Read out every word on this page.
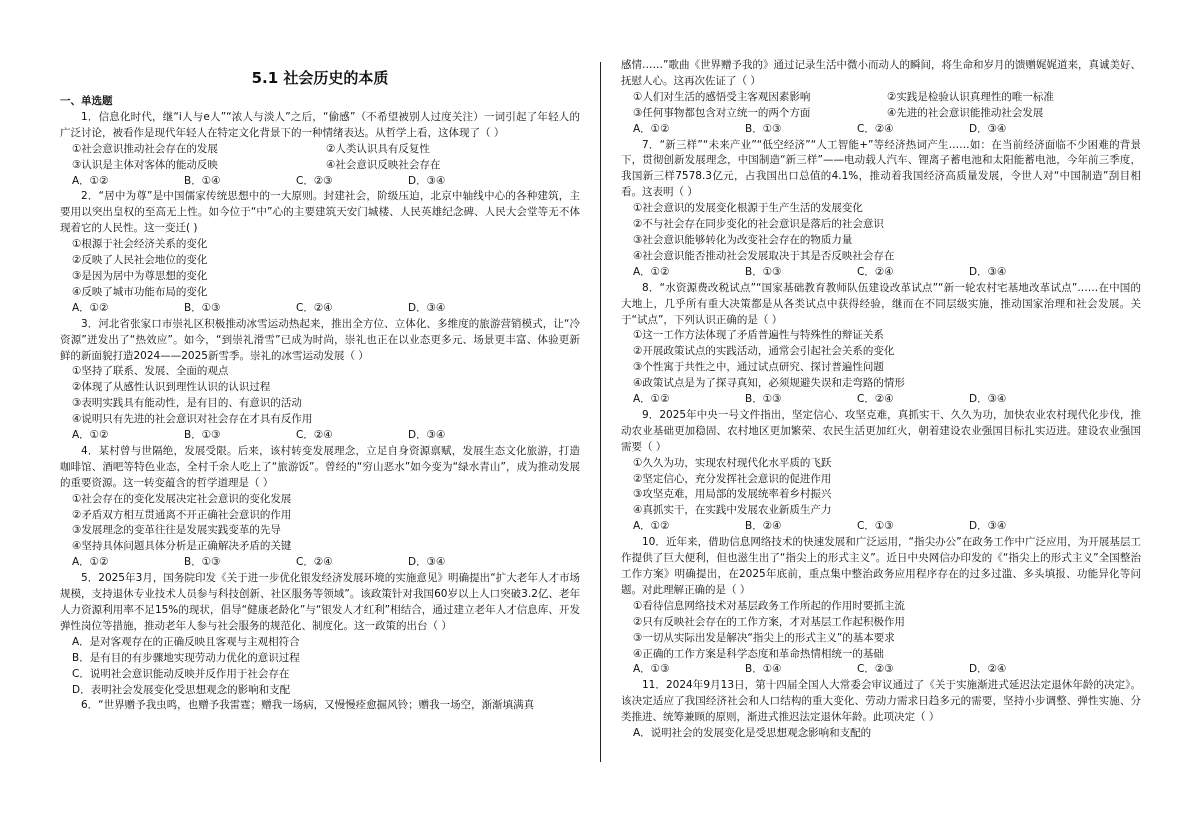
5.1 社会历史的本质
一、单选题

1．信息化时代，继“i人与e人”“浓人与淡人”之后，“偷感”（不希望被别人过度关注）一词引起了年轻人的广泛讨论，被看作是现代年轻人在特定文化背景下的一种情绪表达。从哲学上看，这体现了（ ）

①社会意识推动社会存在的发展	②人类认识具有反复性
③认识是主体对客体的能动反映	④社会意识反映社会存在
A．①②	B．①④	C．②③	D．③④

2．“居中为尊”是中国儒家传统思想中的一大原则。封建社会，阶级压迫，北京中轴线中心的各种建筑，主要用以突出皇权的至高无上性。如今位于“中”心的主要建筑天安门城楼、人民英雄纪念碑、人民大会堂等无不体现着它的人民性。这一变迁( )

①根源于社会经济关系的变化

②反映了人民社会地位的变化

③是因为居中为尊思想的变化

④反映了城市功能布局的变化

A．①②	B．①③	C．②④	D．③④

3．河北省张家口市崇礼区积极推动冰雪运动热起来，推出全方位、立体化、多维度的旅游营销模式，让“冷资源”迸发出了“热效应”。如今，“到崇礼滑雪”已成为时尚，崇礼也正在以业态更多元、场景更丰富、体验更新鲜的新面貌打造2024——2025新雪季。崇礼的冰雪运动发展（ ）

①坚持了联系、发展、全面的观点

②体现了从感性认识到理性认识的认识过程

③表明实践具有能动性，是有目的、有意识的活动

④说明只有先进的社会意识对社会存在才具有反作用

A．①②	B．①③	C．②④	D．③④

4．某村曾与世隔绝，发展受限。后来，该村转变发展理念，立足自身资源禀赋，发展生态文化旅游，打造咖啡馆、酒吧等特色业态，全村千余人吃上了“旅游饭”。曾经的“穷山恶水”如今变为“绿水青山”，成为推动发展的重要资源。这一转变蕴含的哲学道理是（ ）

①社会存在的变化发展决定社会意识的变化发展

②矛盾双方相互贯通离不开正确社会意识的作用

③发展理念的变革往往是发展实践变革的先导

④坚持具体问题具体分析是正确解决矛盾的关键

A．①②	B．①③	C．②④	D．③④

5．2025年3月，国务院印发《关于进一步优化银发经济发展环境的实施意见》明确提出“扩大老年人才市场规模，支持退休专业技术人员参与科技创新、社区服务等领域”。该政策针对我国60岁以上人口突破3.2亿、老年人力资源利用率不足15%的现状，倡导“健康老龄化”与“银发人才红利”相结合，通过建立老年人才信息库、开发弹性岗位等措施，推动老年人参与社会服务的规范化、制度化。这一政策的出台（ ）

A．是对客观存在的正确反映且客观与主观相符合

B．是有目的有步骤地实现劳动力优化的意识过程

C．说明社会意识能动反映并反作用于社会存在

D．表明社会发展变化受思想观念的影响和支配

6．“世界赠予我虫鸣，也赠予我雷霆；赠我一场病，又慢慢痊愈掘风铃；赠我一场空，渐渐填满真

感情……”歌曲《世界赠予我的》通过记录生活中微小而动人的瞬间，将生命和岁月的馈赠娓娓道来，真诚美好、抚慰人心。这再次佐证了（ ）

①人们对生活的感悟受主客观因素影响	②实践是检验认识真理性的唯一标准
③任何事物都包含对立统一的两个方面	④先进的社会意识能推动社会发展
A．①②	B．①③	C．②④	D．③④

7．“新三样”“未来产业”“低空经济”“人工智能+”等经济热词产生……如：在当前经济面临不少困难的背景下，贯彻创新发展理念，中国制造“新三样”——电动载人汽车、锂离子蓄电池和太阳能蓄电池，今年前三季度，我国新三样7578.3亿元，占我国出口总值的4.1%，推动着我国经济高质量发展，令世人对“中国制造”刮目相看。这表明（ ）

①社会意识的发展变化根源于生产生活的发展变化

②不与社会存在同步变化的社会意识是落后的社会意识

③社会意识能够转化为改变社会存在的物质力量

④社会意识能否推动社会发展取决于其是否反映社会存在

A．①②	B．①③	C．②④	D．③④

8．“水资源费改税试点”“国家基础教育教师队伍建设改革试点”“新一轮农村宅基地改革试点”……在中国的大地上，几乎所有重大决策都是从各类试点中获得经验，继而在不同层级实施，推动国家治理和社会发展。关于“试点”，下列认识正确的是（ ）

①这一工作方法体现了矛盾普遍性与特殊性的辩证关系

②开展政策试点的实践活动，通常会引起社会关系的变化

③个性寓于共性之中，通过试点研究、探讨普遍性问题

④政策试点是为了探寻真知，必须规避失误和走弯路的情形

A．①②	B．①③	C．②④	D．③④

9．2025年中央一号文件指出，坚定信心、攻坚克难，真抓实干、久久为功，加快农业农村现代化步伐，推动农业基础更加稳固、农村地区更加繁荣、农民生活更加红火，朝着建设农业强国目标扎实迈进。建设农业强国需要（ ）

①久久为功，实现农村现代化水平质的飞跃

②坚定信心，充分发挥社会意识的促进作用

③攻坚克难，用局部的发展统率着乡村振兴

④真抓实干，在实践中发展农业新质生产力

A．①②	B．②④	C．①③	D．③④

10．近年来，借助信息网络技术的快速发展和广泛运用，“指尖办公”在政务工作中广泛应用，为开展基层工作提供了巨大便利，但也滋生出了“指尖上的形式主义”。近日中央网信办印发的《“指尖上的形式主义”全国整治工作方案》明确提出，在2025年底前，重点集中整治政务应用程序存在的过多过滥、多头填报、功能异化等问题。对此理解正确的是（ ）

①看待信息网络技术对基层政务工作所起的作用时要抓主流

②只有反映社会存在的工作方案，才对基层工作起积极作用

③一切从实际出发是解决“指尖上的形式主义”的基本要求

④正确的工作方案是科学态度和革命热情相统一的基础

A．①③	B．①④	C．②③	D．②④

11．2024年9月13日，第十四届全国人大常委会审议通过了《关于实施渐进式延迟法定退休年龄的决定》。该决定适应了我国经济社会和人口结构的重大变化、劳动力需求日趋多元的需要，坚持小步调整、弹性实施、分类推进、统筹兼顾的原则，渐进式推迟法定退休年龄。此项决定（ ）

A．说明社会的发展变化是受思想观念影响和支配的
